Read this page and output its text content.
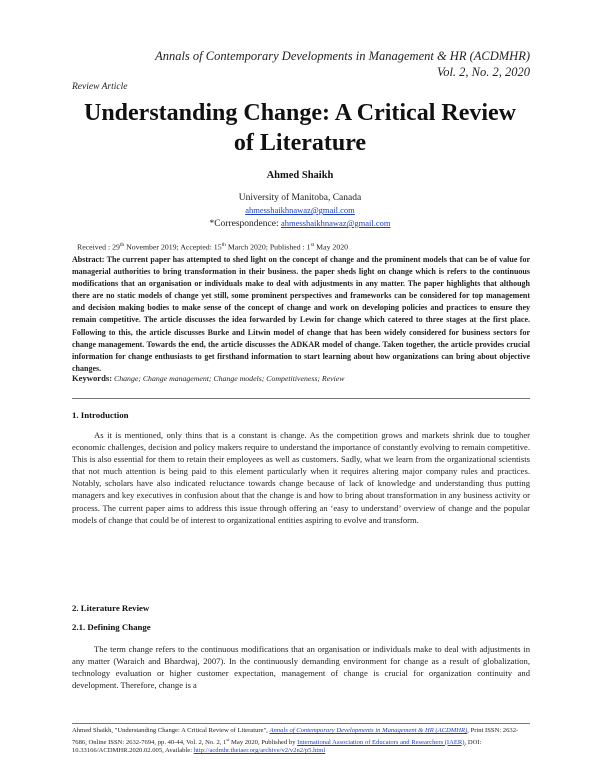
Annals of Contemporary Developments in Management & HR (ACDMHR)
Vol. 2, No. 2, 2020
Review Article
Understanding Change: A Critical Review
of Literature
Ahmed Shaikh
University of Manitoba, Canada
ahmesshaikhnawaz@gmail.com
*Correspondence: ahmesshaikhnawaz@gmail.com
Received : 29th November 2019; Accepted: 15th March 2020; Published : 1st May 2020
Abstract: The current paper has attempted to shed light on the concept of change and the prominent models that can be of value for managerial authorities to bring transformation in their business. the paper sheds light on change which is refers to the continuous modifications that an organisation or individuals make to deal with adjustments in any matter. The paper highlights that although there are no static models of change yet still, some prominent perspectives and frameworks can be considered for top management and decision making bodies to make sense of the concept of change and work on developing policies and practices to ensure they remain competitive. The article discusses the idea forwarded by Lewin for change which catered to three stages at the first place. Following to this, the article discusses Burke and Litwin model of change that has been widely considered for business sectors for change management. Towards the end, the article discusses the ADKAR model of change. Taken together, the article provides crucial information for change enthusiasts to get firsthand information to start learning about how organizations can bring about objective changes.
Keywords: Change; Change management; Change models; Competitiveness; Review
1. Introduction
As it is mentioned, only thins that is a constant is change. As the competition grows and markets shrink due to tougher economic challenges, decision and policy makers require to understand the importance of constantly evolving to remain competitive. This is also essential for them to retain their employees as well as customers. Sadly, what we learn from the organizational scientists that not much attention is being paid to this element particularly when it requires altering major company rules and practices. Notably, scholars have also indicated reluctance towards change because of lack of knowledge and understanding thus putting managers and key executives in confusion about that the change is and how to bring about transformation in any business activity or process. The current paper aims to address this issue through offering an ‘easy to understand’ overview of change and the popular models of change that could be of interest to organizational entities aspiring to evolve and transform.
2. Literature Review
2.1. Defining Change
The term change refers to the continuous modifications that an organisation or individuals make to deal with adjustments in any matter (Waraich and Bhardwaj, 2007). In the continuously demanding environment for change as a result of globalization, technology evaluation or higher customer expectation, management of change is crucial for organization continuity and development. Therefore, change is a
Ahmed Shaikh, "Understanding Change: A Critical Review of Literature", Annals of Contemporary Developments in Management & HR (ACDMHR), Print ISSN: 2632-7686, Online ISSN: 2632-7694, pp. 40-44, Vol. 2, No. 2, 1st May 2020, Published by International Association of Educators and Researchers (IAER), DOI: 10.33166/ACDMHR.2020.02.005, Available: http://acdmhr.theiaer.org/archive/v2/v2n2/p5.html
